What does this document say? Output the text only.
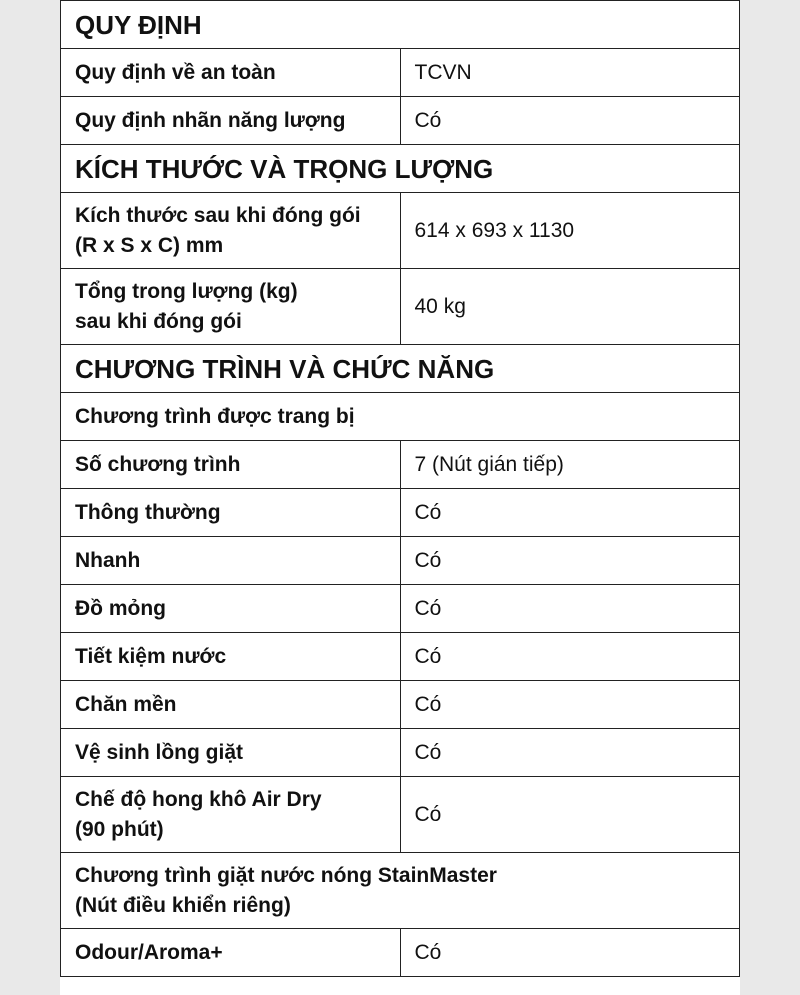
QUY ĐỊNH	
Quy định về an toàn	TCVN
Quy định nhãn năng lượng	Có
KÍCH THƯỚC VÀ TRỌNG LƯỢNG	

Kích thước sau khi đóng gói
(R x S x C) mm	614 x 693 x 1130

Tổng trong lượng (kg)
sau khi đóng gói	40 kg
CHƯƠNG TRÌNH VÀ CHỨC NĂNG	
Chương trình được trang bị	
Số chương trình	7 (Nút gián tiếp)
Thông thường	Có
Nhanh	Có
Đồ mỏng	Có
Tiết kiệm nước	Có
Chăn mền	Có
Vệ sinh lồng giặt	Có

Chế độ hong khô Air Dry
(90 phút)	Có

Chương trình giặt nước nóng StainMaster
(Nút điều khiển riêng)	

Odour/Aroma+	Có
